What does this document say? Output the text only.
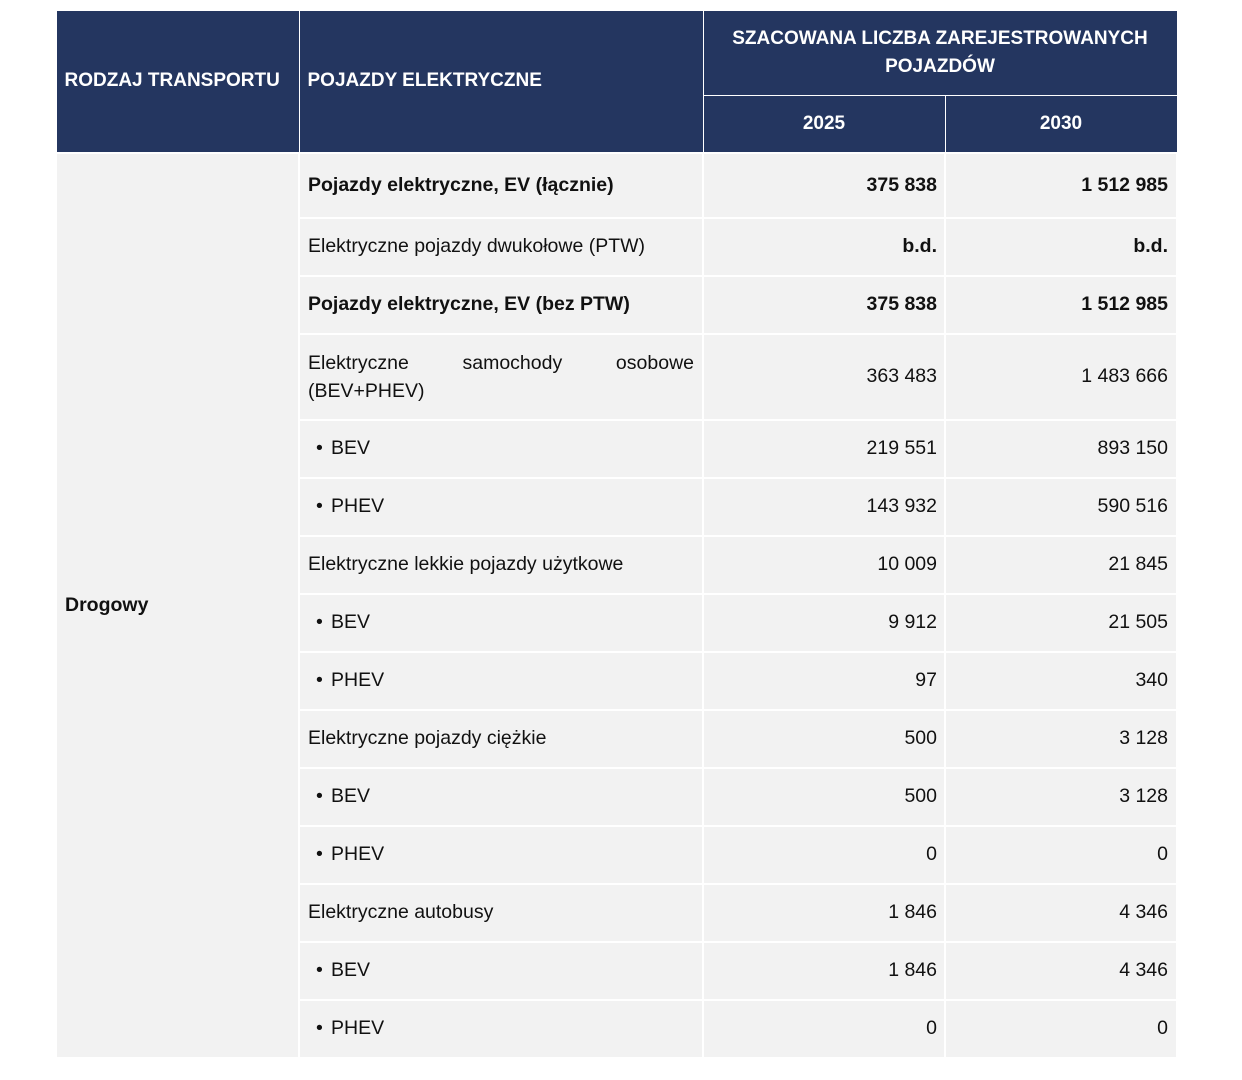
RODZAJ TRANSPORTU	POJAZDY ELEKTRYCZNE	SZACOWANA LICZBA ZAREJESTROWANYCH POJAZDÓW	
		2025	2030
Drogowy	Pojazdy elektryczne, EV (łącznie)	375 838	1 512 985
	Elektryczne pojazdy dwukołowe (PTW)	b.d.	b.d.
	Pojazdy elektryczne, EV (bez PTW)	375 838	1 512 985
	Elektryczne samochody osobowe (BEV+PHEV)	363 483	1 483 666
	• BEV	219 551	893 150
	• PHEV	143 932	590 516
	Elektryczne lekkie pojazdy użytkowe	10 009	21 845
	• BEV	9 912	21 505
	• PHEV	97	340
	Elektryczne pojazdy ciężkie	500	3 128
	• BEV	500	3 128
	• PHEV	0	0
	Elektryczne autobusy	1 846	4 346
	• BEV	1 846	4 346
	• PHEV	0	0
